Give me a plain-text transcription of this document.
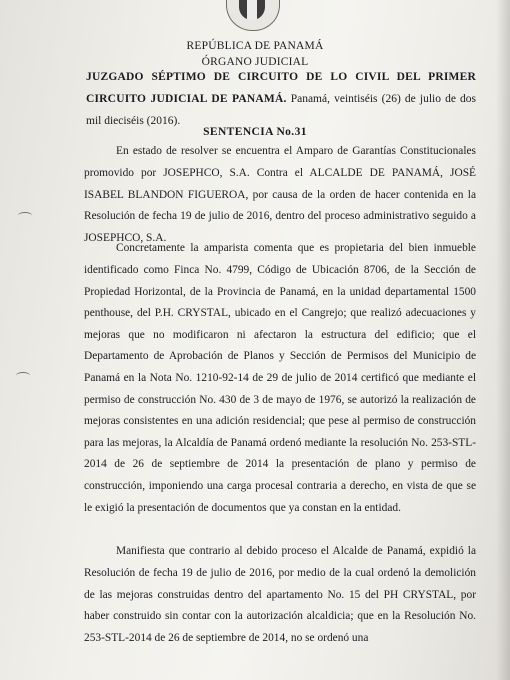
REPÚBLICA DE PANAMÁ
ÓRGANO JUDICIAL
JUZGADO SÉPTIMO DE CIRCUITO DE LO CIVIL DEL PRIMER CIRCUITO JUDICIAL DE PANAMÁ. Panamá, veintiséis (26) de julio de dos mil dieciséis (2016).
SENTENCIA No.31

En estado de resolver se encuentra el Amparo de Garantías Constitucionales promovido por JOSEPHCO, S.A. Contra el ALCALDE DE PANAMÁ, JOSÉ ISABEL BLANDON FIGUEROA, por causa de la orden de hacer contenida en la Resolución de fecha 19 de julio de 2016, dentro del proceso administrativo seguido a JOSEPHCO, S.A.

Concretamente la amparista comenta que es propietaria del bien inmueble identificado como Finca No. 4799, Código de Ubicación 8706, de la Sección de Propiedad Horizontal, de la Provincia de Panamá, en la unidad departamental 1500 penthouse, del P.H. CRYSTAL, ubicado en el Cangrejo; que realizó adecuaciones y mejoras que no modificaron ni afectaron la estructura del edificio; que el Departamento de Aprobación de Planos y Sección de Permisos del Municipio de Panamá en la Nota No. 1210-92-14 de 29 de julio de 2014 certificó que mediante el permiso de construcción No. 430 de 3 de mayo de 1976, se autorizó la realización de mejoras consistentes en una adición residencial; que pese al permiso de construcción para las mejoras, la Alcaldía de Panamá ordenó mediante la resolución No. 253-STL-2014 de 26 de septiembre de 2014 la presentación de plano y permiso de construcción, imponiendo una carga procesal contraria a derecho, en vista de que se le exigió la presentación de documentos que ya constan en la entidad.

Manifiesta que contrario al debido proceso el Alcalde de Panamá, expidió la Resolución de fecha 19 de julio de 2016, por medio de la cual ordenó la demolición de las mejoras construidas dentro del apartamento No. 15 del PH CRYSTAL, por haber construido sin contar con la autorización alcaldicia; que en la Resolución No. 253-STL-2014 de 26 de septiembre de 2014, no se ordenó una
